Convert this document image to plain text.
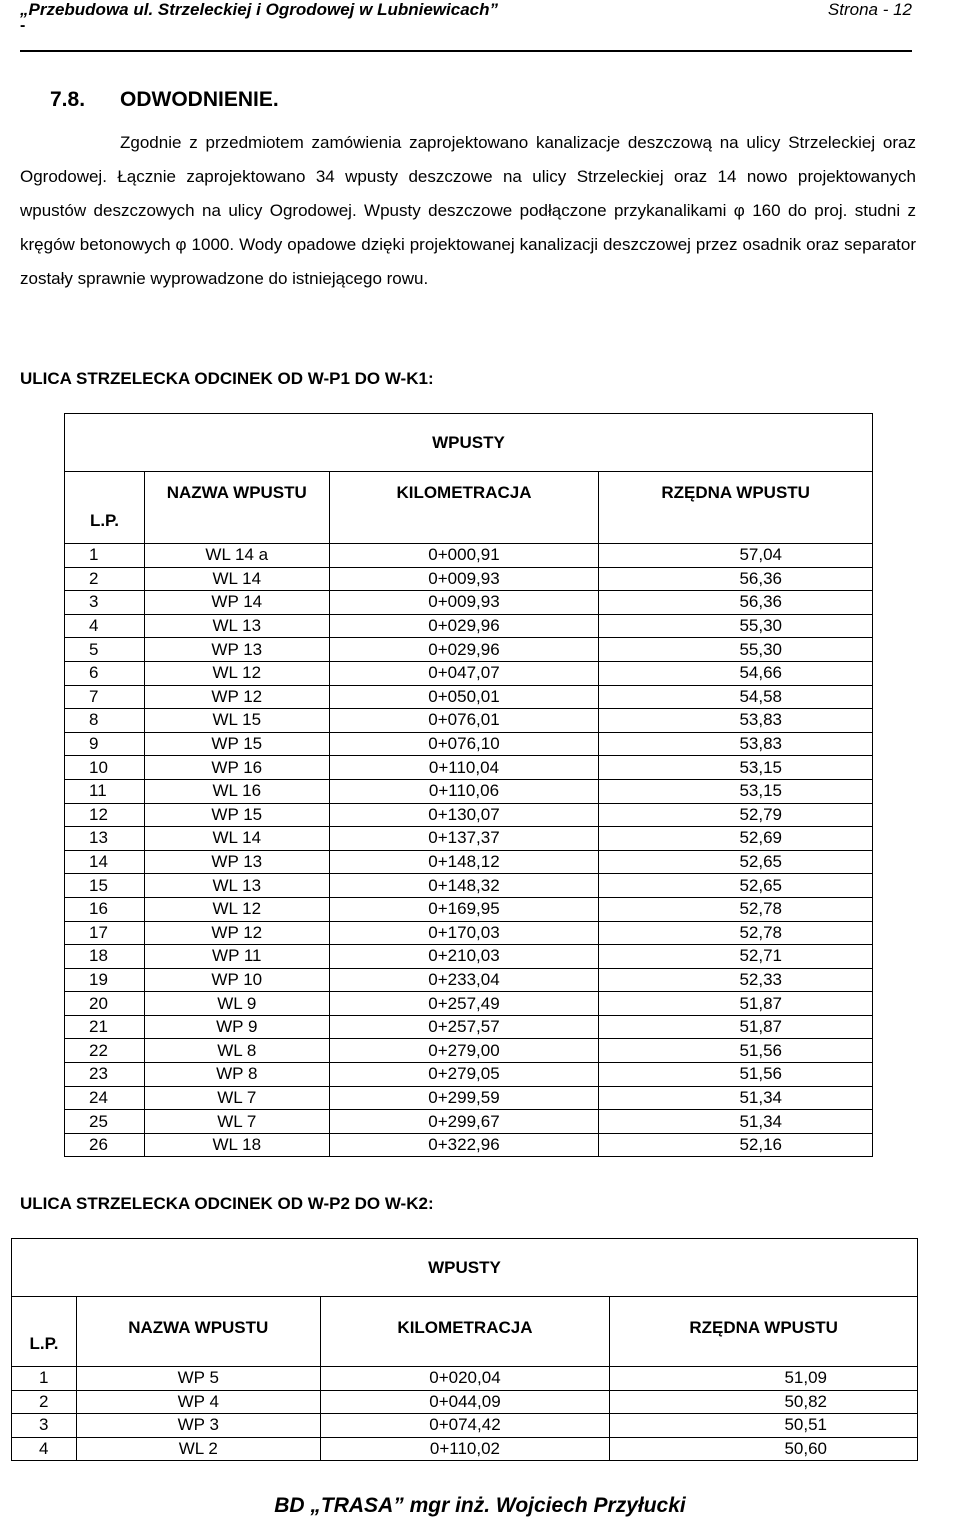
„Przebudowa ul. Strzeleckiej i Ogrodowej w Lubniewicach”	Strona - 12
-
7.8. ODWODNIENIE.
Zgodnie z przedmiotem zamówienia zaprojektowano kanalizacje deszczową na ulicy Strzeleckiej oraz Ogrodowej. Łącznie zaprojektowano 34 wpusty deszczowe na ulicy Strzeleckiej oraz 14 nowo projektowanych wpustów deszczowych na ulicy Ogrodowej. Wpusty deszczowe podłączone przykanalikami φ 160 do proj. studni z kręgów betonowych φ 1000. Wody opadowe dzięki projektowanej kanalizacji deszczowej przez osadnik oraz separator zostały sprawnie wyprowadzone do istniejącego rowu.
ULICA STRZELECKA ODCINEK OD W-P1 DO W-K1:
WPUSTY			
L.P.	NAZWA WPUSTU	KILOMETRACJA	RZĘDNA WPUSTU
1	WL 14 a	0+000,91	57,04
2	WL 14	0+009,93	56,36
3	WP 14	0+009,93	56,36
4	WL 13	0+029,96	55,30
5	WP 13	0+029,96	55,30
6	WL 12	0+047,07	54,66
7	WP 12	0+050,01	54,58
8	WL 15	0+076,01	53,83
9	WP 15	0+076,10	53,83
10	WP 16	0+110,04	53,15
11	WL 16	0+110,06	53,15
12	WP 15	0+130,07	52,79
13	WL 14	0+137,37	52,69
14	WP 13	0+148,12	52,65
15	WL 13	0+148,32	52,65
16	WL 12	0+169,95	52,78
17	WP 12	0+170,03	52,78
18	WP 11	0+210,03	52,71
19	WP 10	0+233,04	52,33
20	WL 9	0+257,49	51,87
21	WP 9	0+257,57	51,87
22	WL 8	0+279,00	51,56
23	WP 8	0+279,05	51,56
24	WL 7	0+299,59	51,34
25	WL 7	0+299,67	51,34
26	WL 18	0+322,96	52,16
ULICA STRZELECKA ODCINEK OD W-P2 DO W-K2:
WPUSTY			
L.P.	NAZWA WPUSTU	KILOMETRACJA	RZĘDNA WPUSTU
1	WP 5	0+020,04	51,09
2	WP 4	0+044,09	50,82
3	WP 3	0+074,42	50,51
4	WL 2	0+110,02	50,60
BD „TRASA” mgr inż. Wojciech Przyłucki
